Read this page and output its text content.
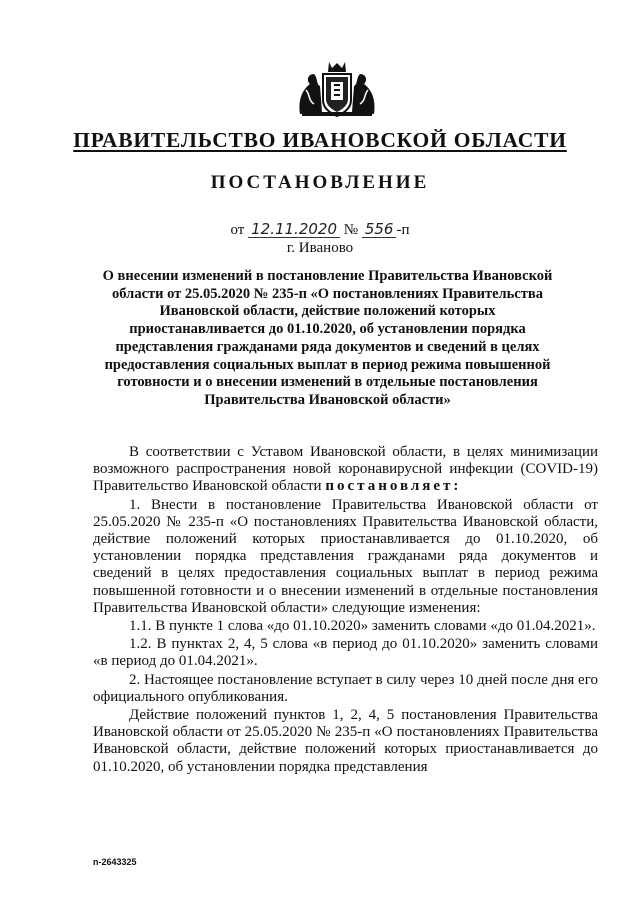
ПРАВИТЕЛЬСТВО ИВАНОВСКОЙ ОБЛАСТИ
ПОСТАНОВЛЕНИЕ
от 12.11.2020 № 556 -п
г. Иваново
О внесении изменений в постановление Правительства Ивановской области от 25.05.2020 № 235-п «О постановлениях Правительства Ивановской области, действие положений которых приостанавливается до 01.10.2020, об установлении порядка представления гражданами ряда документов и сведений в целях предоставления социальных выплат в период режима повышенной готовности и о внесении изменений в отдельные постановления Правительства Ивановской области»

В соответствии с Уставом Ивановской области, в целях минимизации возможного распространения новой коронавирусной инфекции (COVID-19) Правительство Ивановской области постановляет:

1. Внести в постановление Правительства Ивановской области от 25.05.2020 № 235-п «О постановлениях Правительства Ивановской области, действие положений которых приостанавливается до 01.10.2020, об установлении порядка представления гражданами ряда документов и сведений в целях предоставления социальных выплат в период режима повышенной готовности и о внесении изменений в отдельные постановления Правительства Ивановской области» следующие изменения:

1.1. В пункте 1 слова «до 01.10.2020» заменить словами «до 01.04.2021».

1.2. В пунктах 2, 4, 5 слова «в период до 01.10.2020» заменить словами «в период до 01.04.2021».

2. Настоящее постановление вступает в силу через 10 дней после дня его официального опубликования.

Действие положений пунктов 1, 2, 4, 5 постановления Правительства Ивановской области от 25.05.2020 № 235-п «О постановлениях Правительства Ивановской области, действие положений которых приостанавливается до 01.10.2020, об установлении порядка представления

n-2643325
